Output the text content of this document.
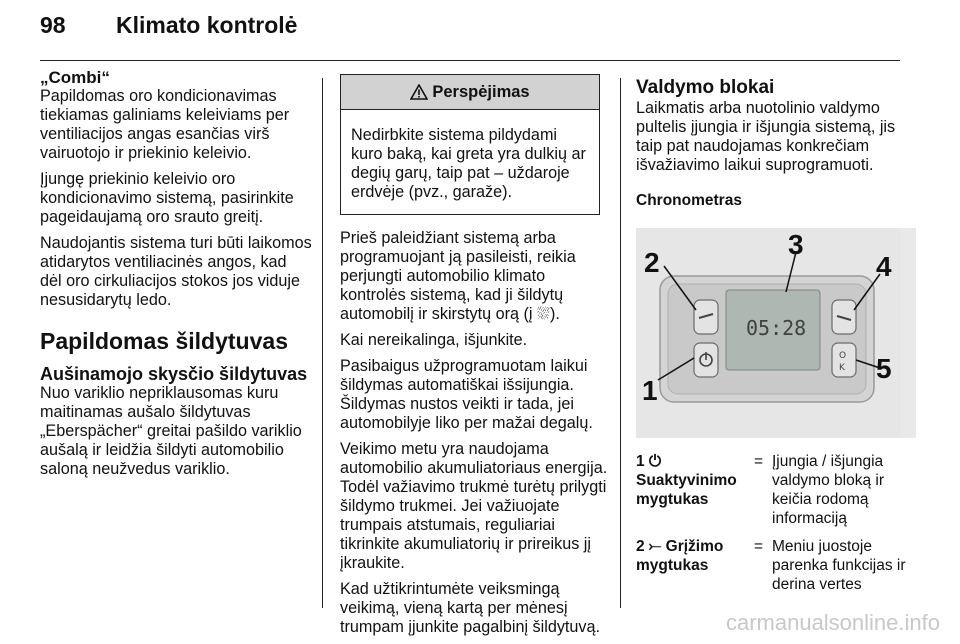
98 Klimato kontrolė
„Combi“

Papildomas oro kondicionavimas tiekiamas galiniams keleiviams per ventiliacijos angas esančias virš vairuotojo ir priekinio keleivio.

Įjungę priekinio keleivio oro kondicionavimo sistemą, pasirinkite pageidaujamą oro srauto greitį.

Naudojantis sistema turi būti laikomos atidarytos ventiliacinės angos, kad dėl oro cirkuliacijos stokos jos viduje nesusidarytų ledo.

Papildomas šildytuvas
Aušinamojo skysčio šildytuvas

Nuo variklio nepriklausomas kuru maitinamas aušalo šildytuvas „Eberspächer“ greitai pašildo variklio aušalą ir leidžia šildyti automobilio saloną neužvedus variklio.

Perspėjimas
Nedirbkite sistema pildydami kuro baką, kai greta yra dulkių ar degių garų, taip pat – uždaroje erdvėje (pvz., garaže).

Prieš paleidžiant sistemą arba programuojant ją pasileisti, reikia perjungti automobilio klimato kontrolės sistemą, kad ji šildytų automobilį ir skirstytų orą (į ⛆).

Kai nereikalinga, išjunkite.

Pasibaigus užprogramuotam laikui šildymas automatiškai išsijungia. Šildymas nustos veikti ir tada, jei automobilyje liko per mažai degalų.

Veikimo metu yra naudojama automobilio akumuliatoriaus energija. Todėl važiavimo trukmė turėtų prilygti šildymo trukmei. Jei važiuojate trumpais atstumais, reguliariai tikrinkite akumuliatorių ir prireikus jį įkraukite.

Kad užtikrintumėte veiksmingą veikimą, vieną kartą per mėnesį trumpam įjunkite pagalbinį šildytuvą.

Valdymo blokai

Laikmatis arba nuotolinio valdymo pultelis įjungia ir išjungia sistemą, jis taip pat naudojamas konkrečiam išvažiavimo laikui suprogramuoti.

Chronometras
05:28
O
K
1
2
3
4
5
1 ⏻ Suaktyvinimo mygtukas
= Įjungia / išjungia valdymo bloką ir keičia rodomą informaciją
2 ⤚ Grįžimo mygtukas
= Meniu juostoje parenka funkcijas ir derina vertes
carmanualsonline.info
